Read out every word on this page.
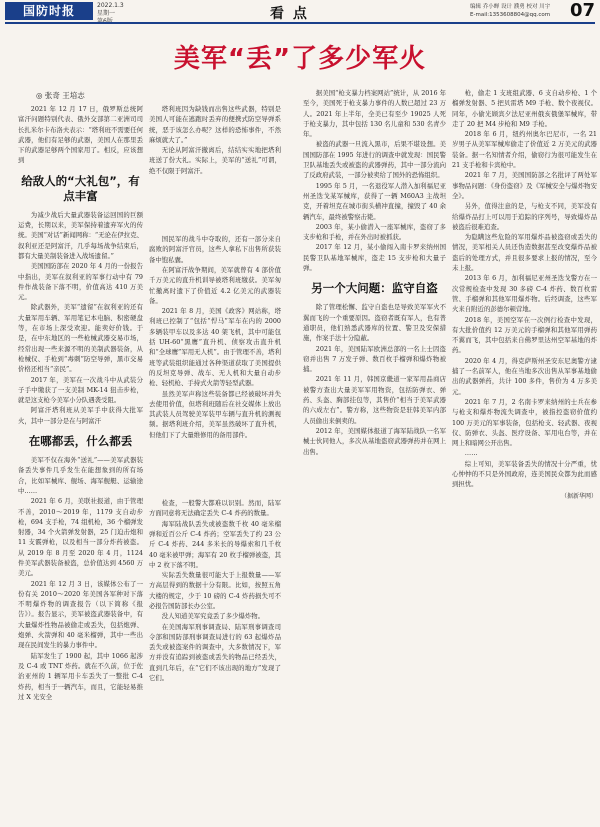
国防时报	2022.1.3
星期一	看 点	编辑 乔小蝉 设计 濮勇 校对 川宇
E-mail:1353608804@qq.com 07
美军“丢”了多少军火
◎ 张奇 王培志

2021 年 12 月 17 日，俄罗斯总统阿富汗问题特别代表、俄外交部第二亚洲司司长扎米尔卡布洛夫表示：“塔利班不需要任何武器，他们有足够的武器，美国人在那里丢下的武器足够两个国家用了。相反，应该想到

给敌人的“大礼包”，有点丰富

为减少战后大量武器装备运回国的巨额运费，长期以来，美军保持着遗弃军火的传统。美国“对话”新闻网称：“无论在伊拉克、叙利亚还是阿富汗，几乎每场战争结束后，都有大量美制装备进入战场遗留。”

美国国防部在 2020 年 4 月的一份报告中指出，美军在叙利亚的军事行动中有 79 件作战装备下落不明，价值高达 410 万美元。

除武器外，美军“遗留”在叙利亚的还有大量军用车辆、军用笔记本电脑、积密硬盘等，在市场上深受欢迎。能卖好价钱。于是，在中东地区的一些枪械武器交易市场，经常出现一些来源不明的美制武器装备，从枪械仪、手枪到“毒刺”防空导弹，黑市交易价格还相当“亲民”。

2017 年，美军在一次战斗中从武装分子手中缴获了一支美制 MK-14 狙击步枪，就是这支枪今美军小分队遇袭受阻。

阿富汗塔利班从美军手中获得大批军火，其中一部分是在与阿富汗

在哪都丢，什么都丢

美军不仅在海外“送礼”——美军武器装备丢失事件几乎发生在能想象到的所有场合，比如军械库、舰场、海军舰艇、运输途中……

2021 年 6 月，美联社报道，由于管理不善，2010～2019 年，1179 支自动步枪，694 支手枪，74 组机枪，36 个榴弹发射器，34 个火箭弹发射器，25 门迫击炮和 11 支霰弹枪，以及相当一部分炸药被盗。从 2019 年 8 月至 2020 年 4 月，1124 件美军武器装备被盗，总价值达到 4560 万美元。

2021 年 12 月 3 日，该媒体公布了一份有关 2010～2020 年美国各军种对下落不明爆炸物的调查报告（以下简称《报告》）。报告显示，美军被盗武器装备中，有大量爆炸性物品被偷走或丢失，包括炮弹、炮弹、火箭弹和 40 毫米榴弹，其中一些出现在民间发生的暴力事件中。

陆军发生了 1900 起，其中 1066 起涉及 C-4 或 TNT 炸药。就在不久前，位于佐治亚州的 1 辆军用卡车丢失了一整批 C-4 炸药，相当于一辆汽车，而且，它能轻易推过 X 光安全

塔利班因为缺钱而出售这些武器，特别是美国人可能在逃跑时丢弃的便携式防空导弹系统，恶于该怎么办呢？这样的恐怖事件，不然麻烦就大了。”

无论从阿富汗撤离后，结结实实地把塔利班送了份大礼。实际上，美军的“送礼”可谓，绝不仅限于阿富汗。

国民军的战斗中夺取的，还有一部分来自腐败的阿富汗官员，这些人拿私下出售所获装备中饱私囊。

在阿富汗战争期间，美军就曾有 4 部价值千万美元的直升机训导被塔利班缴获。美军匆忙撤离时遗下了价值近 4.2 亿美元的武器装备。

2021 年 8 月，美国《政客》网站称，塔利班已控制了“包括“悍马”军车在内的 2000 多辆装甲车以及多达 40 架飞机，其中可能包括 UH-60“黑鹰”直升机、侦察攻击直升机和“全球鹰”军用无人机”。由于管理不善，塔利班等武装组织能通过各种渠道获取了美国提供的反坦克导弹、战车、无人机和大量自动步枪、轻机枪、手持式火箭等轻型武器。

虽然美军声称这些装备都已经被破坏并失去使用价值，但塔利班随后在社交媒体上放出其武装人员驾驶美军装甲车辆与直升机的测视频。据塔利班介绍，美军虽然破坏了直升机，但他们下了大量维修用的备用部件。

检查，一般警大都难以识别。然而，陆军方面同意将无法确定丢失 C-4 炸药的数量。

海军陆战队丢失或被盗数千枚 40 毫米榴弹和近百公斤 C-4 炸药；空军丢失了约 23 公斤 C-4 炸药、244 多米长的导爆索和几千枚 40 毫米被甲弹；海军有 20 枚手榴弹被盗，其中 2 枚下落不明。

实际丢失数量很可能大于上报数量——军方高层得到的数据十分有限。比如，按照五角大楼的规定，少于 10 磅的 C-4 炸药损失可不必报告国防部长办公室。

没人知道美军究竟丢了多少爆炸物。

在美国海军刑事调查局、陆军刑事调查司令部和国防部刑事调查局进行的 63 起爆炸品丢失或被盗案件的调查中，大多数情况下，军方并没有追踪到被盗或丢失的物品已经丢失，直到几年后，在“它们不该出现的地方”发现了它们。

据美国“枪支暴力档案网站”统计，从 2016 年至今，美国死于枪支暴力事件的人数已超过 23 万人。2021 年上半年，全美已有至少 19025 人死于枪支暴力，其中包括 130 名儿童和 530 名青少年。

被盗的武器一旦流入黑市，后果不堪设想。美国国防部在 1995 年进行的调查中就发现：国民警卫队基地丢失或被盗的武器弹药，其中一部分流向了反政府武装，一部分被卖给了国外的恐怖组织。

1995 年 5 月，一名退役军人潜入加利福尼亚州圣迭戈某军械库，获得了一辆 M60A3 主战坦克，开着坦克在城市街头横冲直撞，撞毁了 40 余辆汽车，最终被警察击毙。

2003 年，某小偷潜入一座军械库，盗窃了多支步枪和手枪，并在外出时被抓获。

2017 年 12 月，某小偷闯入南卡罗来纳州国民警卫队基地军械库，盗走 15 支步枪和大量子弹。

另一个大问题：监守自盗

除了管理松懈、监守自盗也是导致美军军火不翼而飞的一个重要原因。盗窃者既有军人，也有普通职员，他们熟悉武器库的位置、警卫及安保措施，作案手法十分隐蔽。

2021 年，美国陆军欧洲总部的一名上士因盗窃并出售 7 万发子弹、数百枚手榴弹和爆炸物被捕。

2021 年 11 月，韩国京畿道一家军用品商店被警方查出大量美军军用物资，包括防弹衣、弹药、头盔、胸部挂包等，其售价“相当于美军武器的六成左右”。警方称，这些物资是驻韩美军内部人员偷出来倒卖的。

2012 年，美国媒体报道了海军陆战队一名军械士伙同他人，多次从基地盗窃武器弹药并在网上出售。

枪，偷走 1 支班组武器、6 支自动步枪、1 个榴弹发射器、5 把贝雷塔 M9 手枪、数个夜视仪。同年，小偷光顾宾夕法尼亚州俄亥俄堡军械库，带走了 20 把 M4 步枪和 M9 手枪。

2018 年 6 月，纽约州奥尔巴尼市，一名 21 岁男子从美军军械库偷走了价值近 2 万美元的武器装备。据一名知情者介绍，偷窃行为很可能发生在 21 支手枪和卡宾枪中。

2021 年 7 月，美国国防部之名批评了两处军事物品问题：《身份盗窃》及《军械安全与爆炸物安全》。

另外，值得注意的是，与枪支不同，美军没有给爆炸品打上可以用于追踪的序列号，导致爆炸品被盗后很难追查。

为隐瞒这些危险的军用爆炸品被盗窃或丢失的情况，美军相关人员还伪造数据甚至改变爆炸品被盗后的处理方式，并且很多要求上报的情况，至今未上报。

2013 年 6 月，加利福尼亚州圣迭戈警方在一次常规检查中发现 30 多磅 C-4 炸药、数百枚雷管、手榴弹和其他军用爆炸物。后经调查，这些军火来自附近的彭德尔顿营地。

2018 年，美国空军在一次例行检查中发现，有大批价值约 12 万美元的手榴弹和其他军用弹药不翼而飞，其中包括来自佛罗里达州空军基地的炸药。

2020 年 4 月，得克萨斯州圣安东尼奥警方逮捕了一名前军人，他在当地多次出售从军事基地偷出的武器弹药，共计 100 多件，售价为 4 万多美元。

2021 年 7 月，2 名南卡罗来纳州的士兵在参与枪支和爆炸物流失调查中，被指控盗窃价值约 100 万美元的军事装备，包括枪支、轻武器、夜视仪、防弹衣、头盔、医疗设备、军用电台等，并在网上和暗网公开出售。

……

综上可知，美军装备丢失的情况十分严重，忧心忡忡的不只是外国政府，连美国民众都为此而感到担忧。

（据新华网）
